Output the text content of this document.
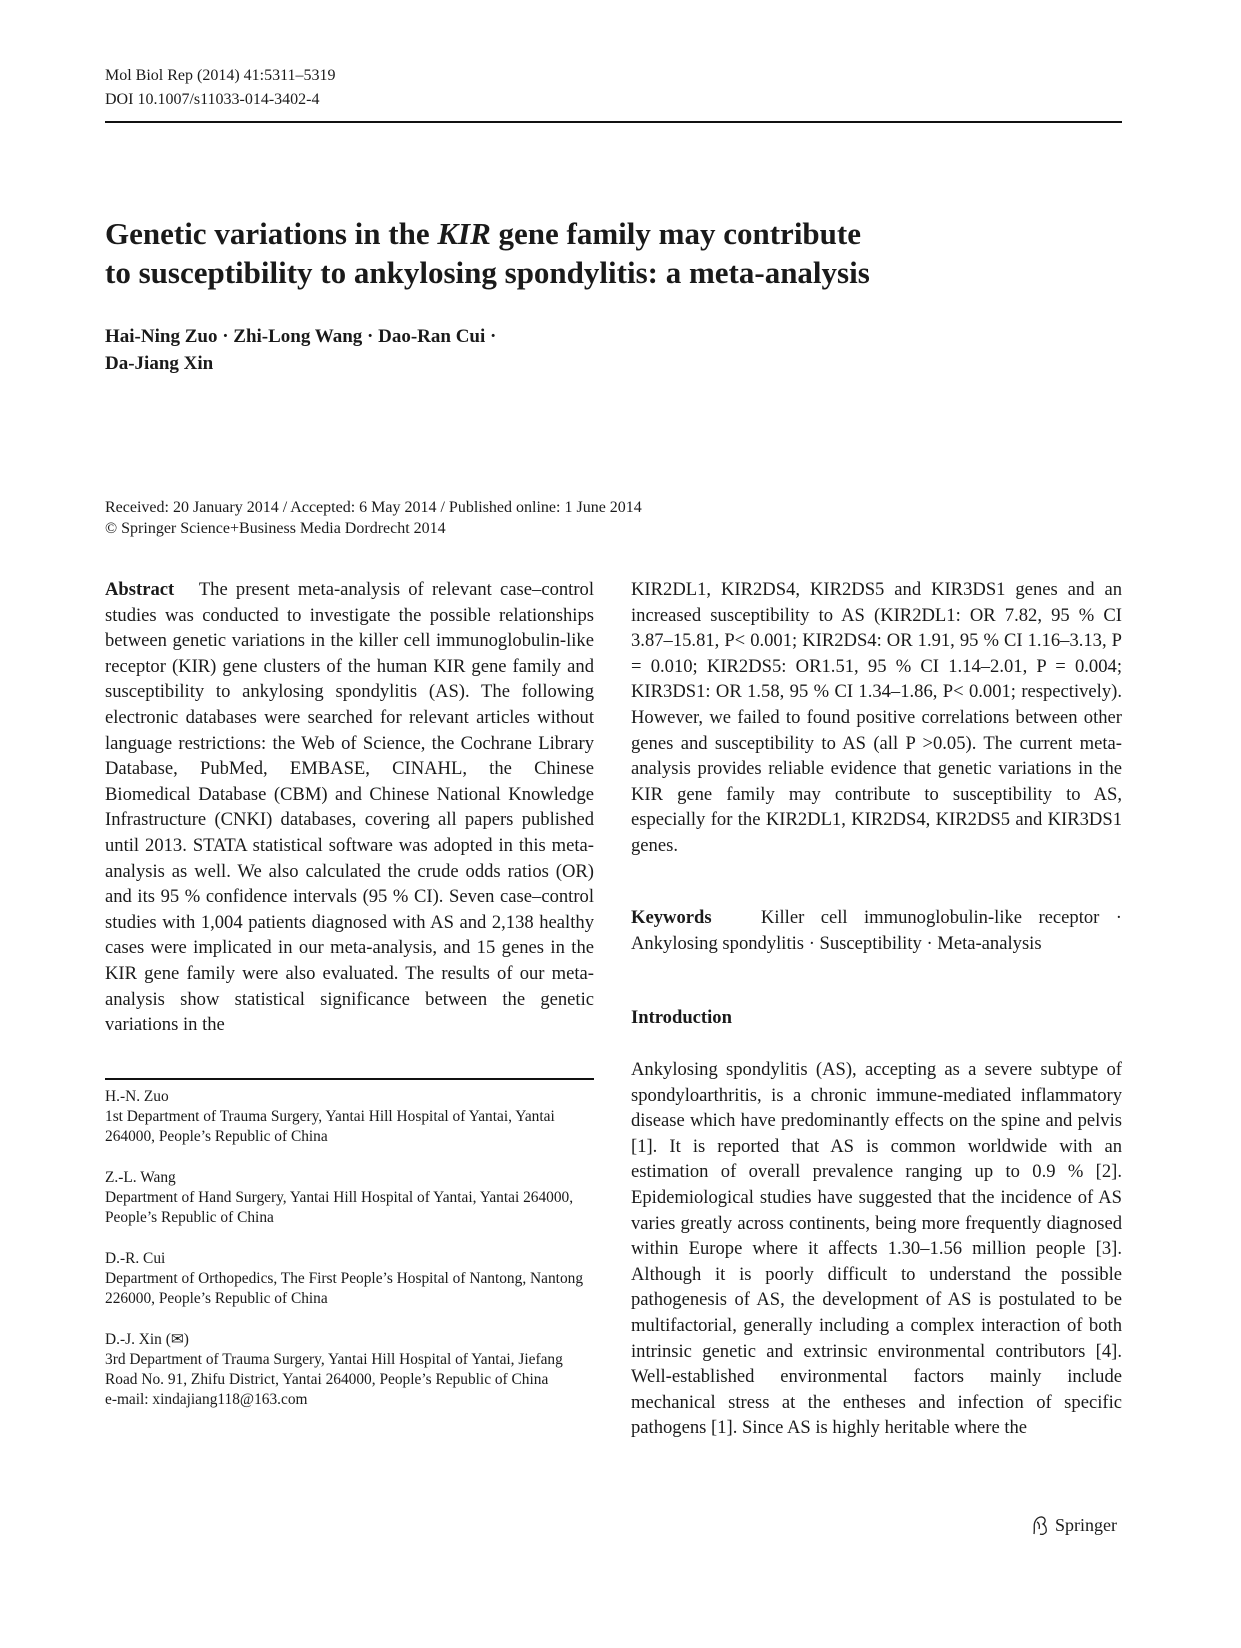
Mol Biol Rep (2014) 41:5311–5319
DOI 10.1007/s11033-014-3402-4
Genetic variations in the KIR gene family may contribute
to susceptibility to ankylosing spondylitis: a meta-analysis
Hai-Ning Zuo · Zhi-Long Wang · Dao-Ran Cui ·
Da-Jiang Xin
Received: 20 January 2014 / Accepted: 6 May 2014 / Published online: 1 June 2014
© Springer Science+Business Media Dordrecht 2014

Abstract The present meta-analysis of relevant case–control studies was conducted to investigate the possible relationships between genetic variations in the killer cell immunoglobulin-like receptor (KIR) gene clusters of the human KIR gene family and susceptibility to ankylosing spondylitis (AS). The following electronic databases were searched for relevant articles without language restrictions: the Web of Science, the Cochrane Library Database, PubMed, EMBASE, CINAHL, the Chinese Biomedical Database (CBM) and Chinese National Knowledge Infrastructure (CNKI) databases, covering all papers published until 2013. STATA statistical software was adopted in this meta-analysis as well. We also calculated the crude odds ratios (OR) and its 95 % confidence intervals (95 % CI). Seven case–control studies with 1,004 patients diagnosed with AS and 2,138 healthy cases were implicated in our meta-analysis, and 15 genes in the KIR gene family were also evaluated. The results of our meta-analysis show statistical significance between the genetic variations in the

H.-N. Zuo
1st Department of Trauma Surgery, Yantai Hill Hospital of Yantai, Yantai 264000, People’s Republic of China
Z.-L. Wang
Department of Hand Surgery, Yantai Hill Hospital of Yantai, Yantai 264000, People’s Republic of China
D.-R. Cui
Department of Orthopedics, The First People’s Hospital of Nantong, Nantong 226000, People’s Republic of China
D.-J. Xin (✉)
3rd Department of Trauma Surgery, Yantai Hill Hospital of Yantai, Jiefang Road No. 91, Zhifu District, Yantai 264000, People’s Republic of China
e-mail: xindajiang118@163.com

KIR2DL1, KIR2DS4, KIR2DS5 and KIR3DS1 genes and an increased susceptibility to AS (KIR2DL1: OR 7.82, 95 % CI 3.87–15.81, P< 0.001; KIR2DS4: OR 1.91, 95 % CI 1.16–3.13, P = 0.010; KIR2DS5: OR1.51, 95 % CI 1.14–2.01, P = 0.004; KIR3DS1: OR 1.58, 95 % CI 1.34–1.86, P< 0.001; respectively). However, we failed to found positive correlations between other genes and susceptibility to AS (all P >0.05). The current meta-analysis provides reliable evidence that genetic variations in the KIR gene family may contribute to susceptibility to AS, especially for the KIR2DL1, KIR2DS4, KIR2DS5 and KIR3DS1 genes.

Keywords	Killer cell immunoglobulin-like receptor · Ankylosing spondylitis · Susceptibility · Meta-analysis

Introduction

Ankylosing spondylitis (AS), accepting as a severe subtype of spondyloarthritis, is a chronic immune-mediated inflammatory disease which have predominantly effects on the spine and pelvis [1]. It is reported that AS is common worldwide with an estimation of overall prevalence ranging up to 0.9 % [2]. Epidemiological studies have suggested that the incidence of AS varies greatly across continents, being more frequently diagnosed within Europe where it affects 1.30–1.56 million people [3]. Although it is poorly difficult to understand the possible pathogenesis of AS, the development of AS is postulated to be multifactorial, generally including a complex interaction of both intrinsic genetic and extrinsic environmental contributors [4]. Well-established environmental factors mainly include mechanical stress at the entheses and infection of specific pathogens [1]. Since AS is highly heritable where the

Springer
